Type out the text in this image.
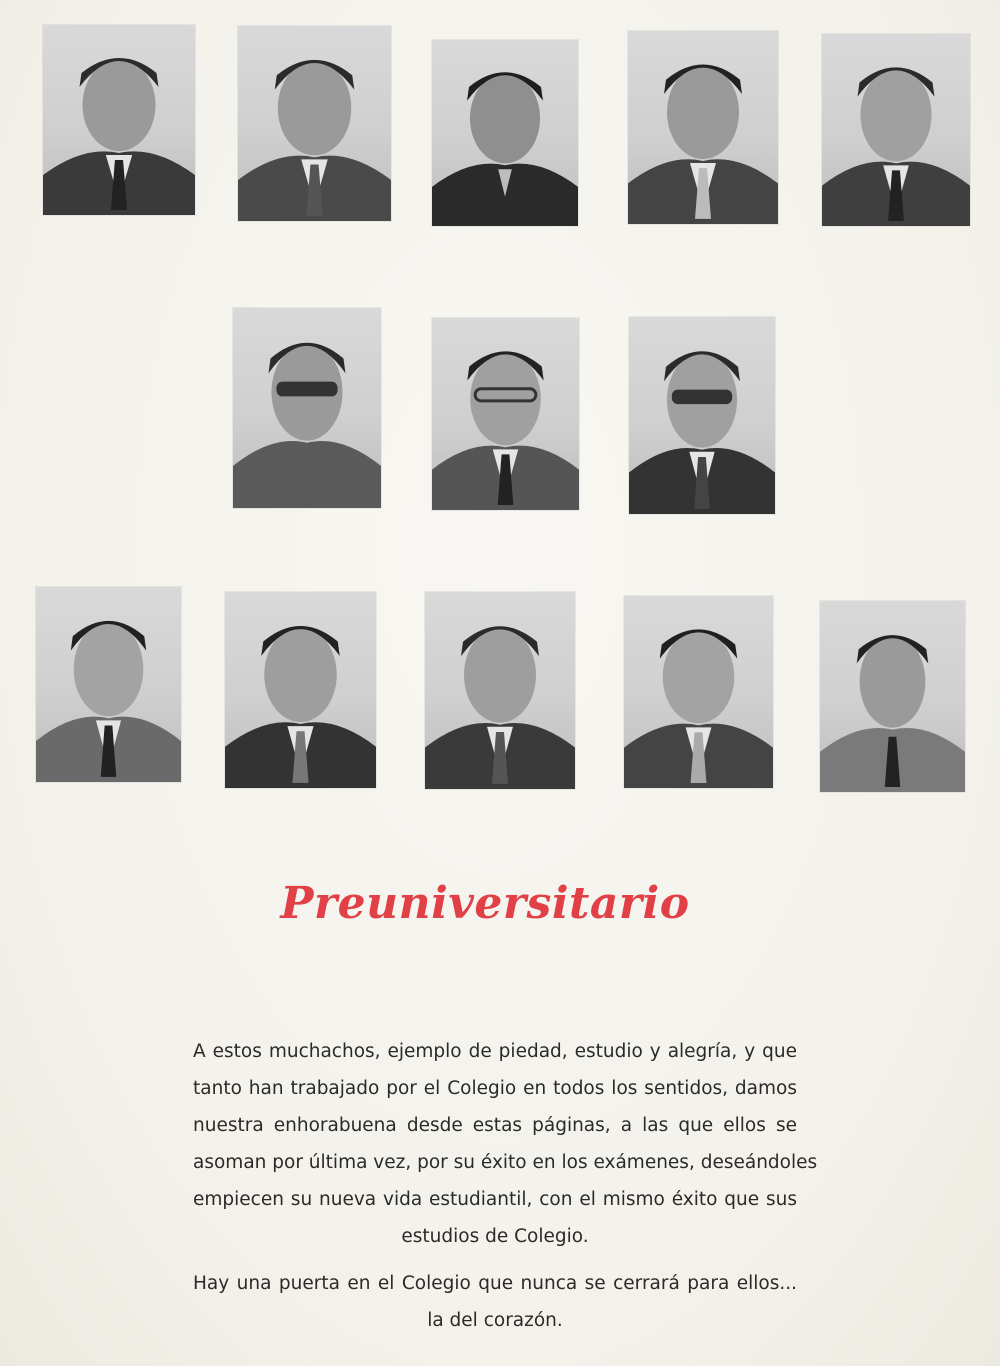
Preuniversitario
A estos muchachos, ejemplo de piedad, estudio y alegría, y que
tanto han trabajado por el Colegio en todos los sentidos, damos
nuestra enhorabuena desde estas páginas, a las que ellos se
asoman por última vez, por su éxito en los exámenes, deseándoles
empiecen su nueva vida estudiantil, con el mismo éxito que sus
estudios de Colegio.
Hay una puerta en el Colegio que nunca se cerrará para ellos...
la del corazón.
